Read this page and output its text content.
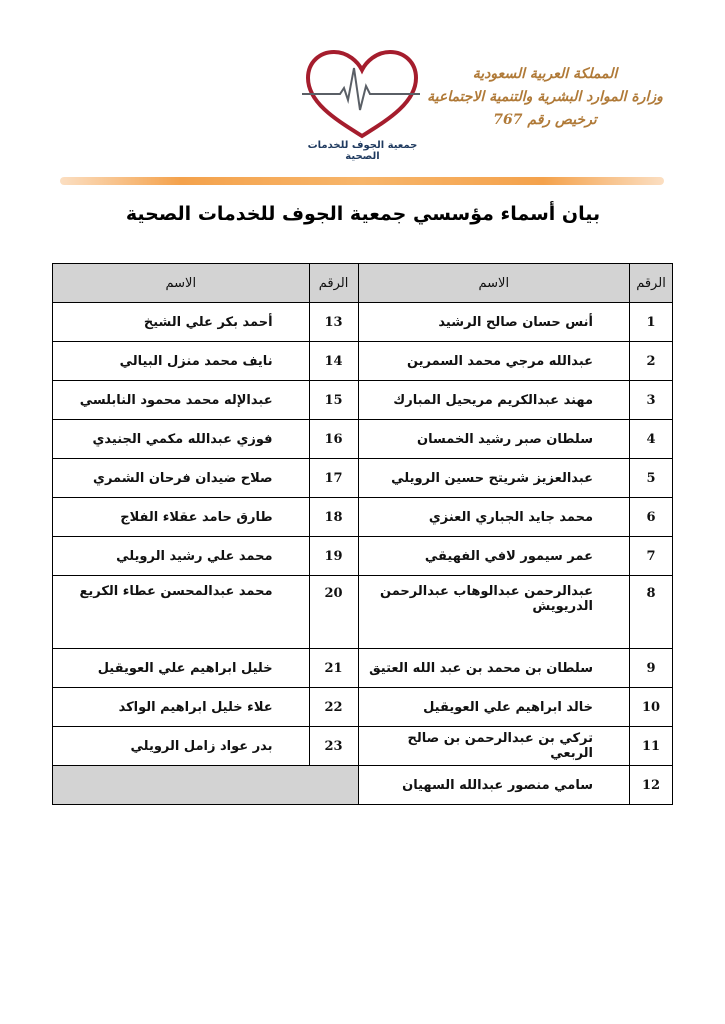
جمعية الجوف للخدمات الصحية
المملكة العربية السعودية
وزارة الموارد البشرية والتنمية الاجتماعية
ترخيص رقم 767
بيان أسماء مؤسسي جمعية الجوف للخدمات الصحية
الرقم	الاسم	الرقم	الاسم
1	أنس حسان صالح الرشيد	13	أحمد بكر علي الشيخ
2	عبدالله مرجي محمد السمرين	14	نايف محمد منزل البيالي
3	مهند عبدالكريم مريحيل المبارك	15	عبدالإله محمد محمود النابلسي
4	سلطان صبر رشيد الخمسان	16	فوزي عبدالله مكمي الجنيدي
5	عبدالعزيز شريتح حسين الرويلي	17	صلاح ضيدان فرحان الشمري
6	محمد جايد الجباري العنزي	18	طارق حامد عقلاء الفلاج
7	عمر سيمور لافي الفهيقي	19	محمد علي رشيد الرويلي
8	عبدالرحمن عبدالوهاب عبدالرحمن الدريويش	20	محمد عبدالمحسن عطاء الكريع
9	سلطان بن محمد بن عبد الله العتيق	21	خليل ابراهيم علي العويقيل
10	خالد ابراهيم علي العويقيل	22	علاء خليل ابراهيم الواكد
11	تركي بن عبدالرحمن بن صالح الربعي	23	بدر عواد زامل الرويلي
12	سامي منصور عبدالله السهيان		
